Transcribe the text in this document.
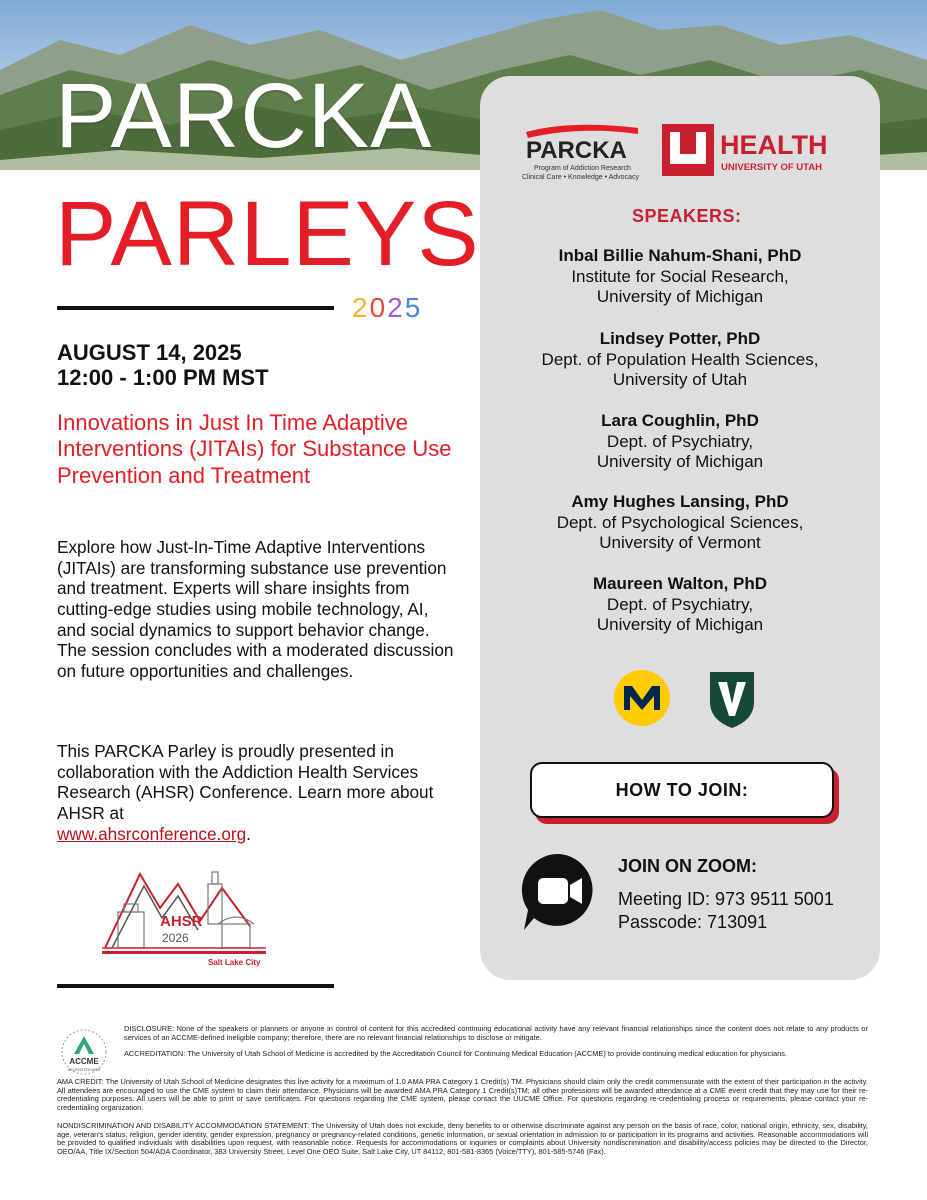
PARCKA
PARLEYS
2025
AUGUST 14, 2025
12:00 - 1:00 PM MST
Innovations in Just In Time Adaptive Interventions (JITAIs) for Substance Use Prevention and Treatment
Explore how Just-In-Time Adaptive Interventions (JITAIs) are transforming substance use prevention and treatment. Experts will share insights from cutting-edge studies using mobile technology, AI, and social dynamics to support behavior change. The session concludes with a moderated discussion on future opportunities and challenges.
This PARCKA Parley is proudly presented in collaboration with the Addiction Health Services Research (AHSR) Conference. Learn more about AHSR at
www.ahsrconference.org.
AHSR
2026
Salt Lake City
PARCKA
Program of Addiction Research
Clinical Care • Knowledge • Advocacy
HEALTH
UNIVERSITY OF UTAH
SPEAKERS:
Inbal Billie Nahum-Shani, PhD
Institute for Social Research,
University of Michigan
Lindsey Potter, PhD
Dept. of Population Health Sciences,
University of Utah
Lara Coughlin, PhD
Dept. of Psychiatry,
University of Michigan
Amy Hughes Lansing, PhD
Dept. of Psychological Sciences,
University of Vermont
Maureen Walton, PhD
Dept. of Psychiatry,
University of Michigan
HOW TO JOIN:
JOIN ON ZOOM:
Meeting ID: 973 9511 5001
Passcode: 713091
ACCME
ACCREDITED WITH
DISCLOSURE: None of the speakers or planners or anyone in control of content for this accredited continuing educational activity have any relevant financial relationships since the content does not relate to any products or services of an ACCME-defined ineligible company; therefore, there are no relevant financial relationships to disclose or mitigate.
ACCREDITATION: The University of Utah School of Medicine is accredited by the Accreditation Council for Continuing Medical Education (ACCME) to provide continuing medical education for physicians.
AMA CREDIT: The University of Utah School of Medicine designates this live activity for a maximum of 1.0 AMA PRA Category 1 Credit(s) TM. Physicians should claim only the credit commensurate with the extent of their participation in the activity. All attendees are encouraged to use the CME system to claim their attendance. Physicians will be awarded AMA PRA Category 1 Credit(s)TM; all other professions will be awarded attendance at a CME event credit that they may use for their re-credentialing purposes. All users will be able to print or save certificates. For questions regarding the CME system, please contact the UUCME Office. For questions regarding re-credentialing process or requirements, please contact your re-credentialing organization.
NONDISCRIMINATION AND DISABILITY ACCOMMODATION STATEMENT: The University of Utah does not exclude, deny benefits to or otherwise discriminate against any person on the basis of race, color, national origin, ethnicity, sex, disability, age, veteran's status, religion, gender identity, gender expression, pregnancy or pregnancy-related conditions, genetic information, or sexual orientation in admission to or participation in its programs and activities. Reasonable accommodations will be provided to qualified individuals with disabilities upon request, with reasonable notice. Requests for accommodations or inquiries or complaints about University nondiscrimination and disability/access policies may be directed to the Director, OEO/AA, Title IX/Section 504/ADA Coordinator, 383 University Street, Level One OEO Suite, Salt Lake City, UT 84112, 801-581-8365 (Voice/TTY), 801-585-5746 (Fax).
